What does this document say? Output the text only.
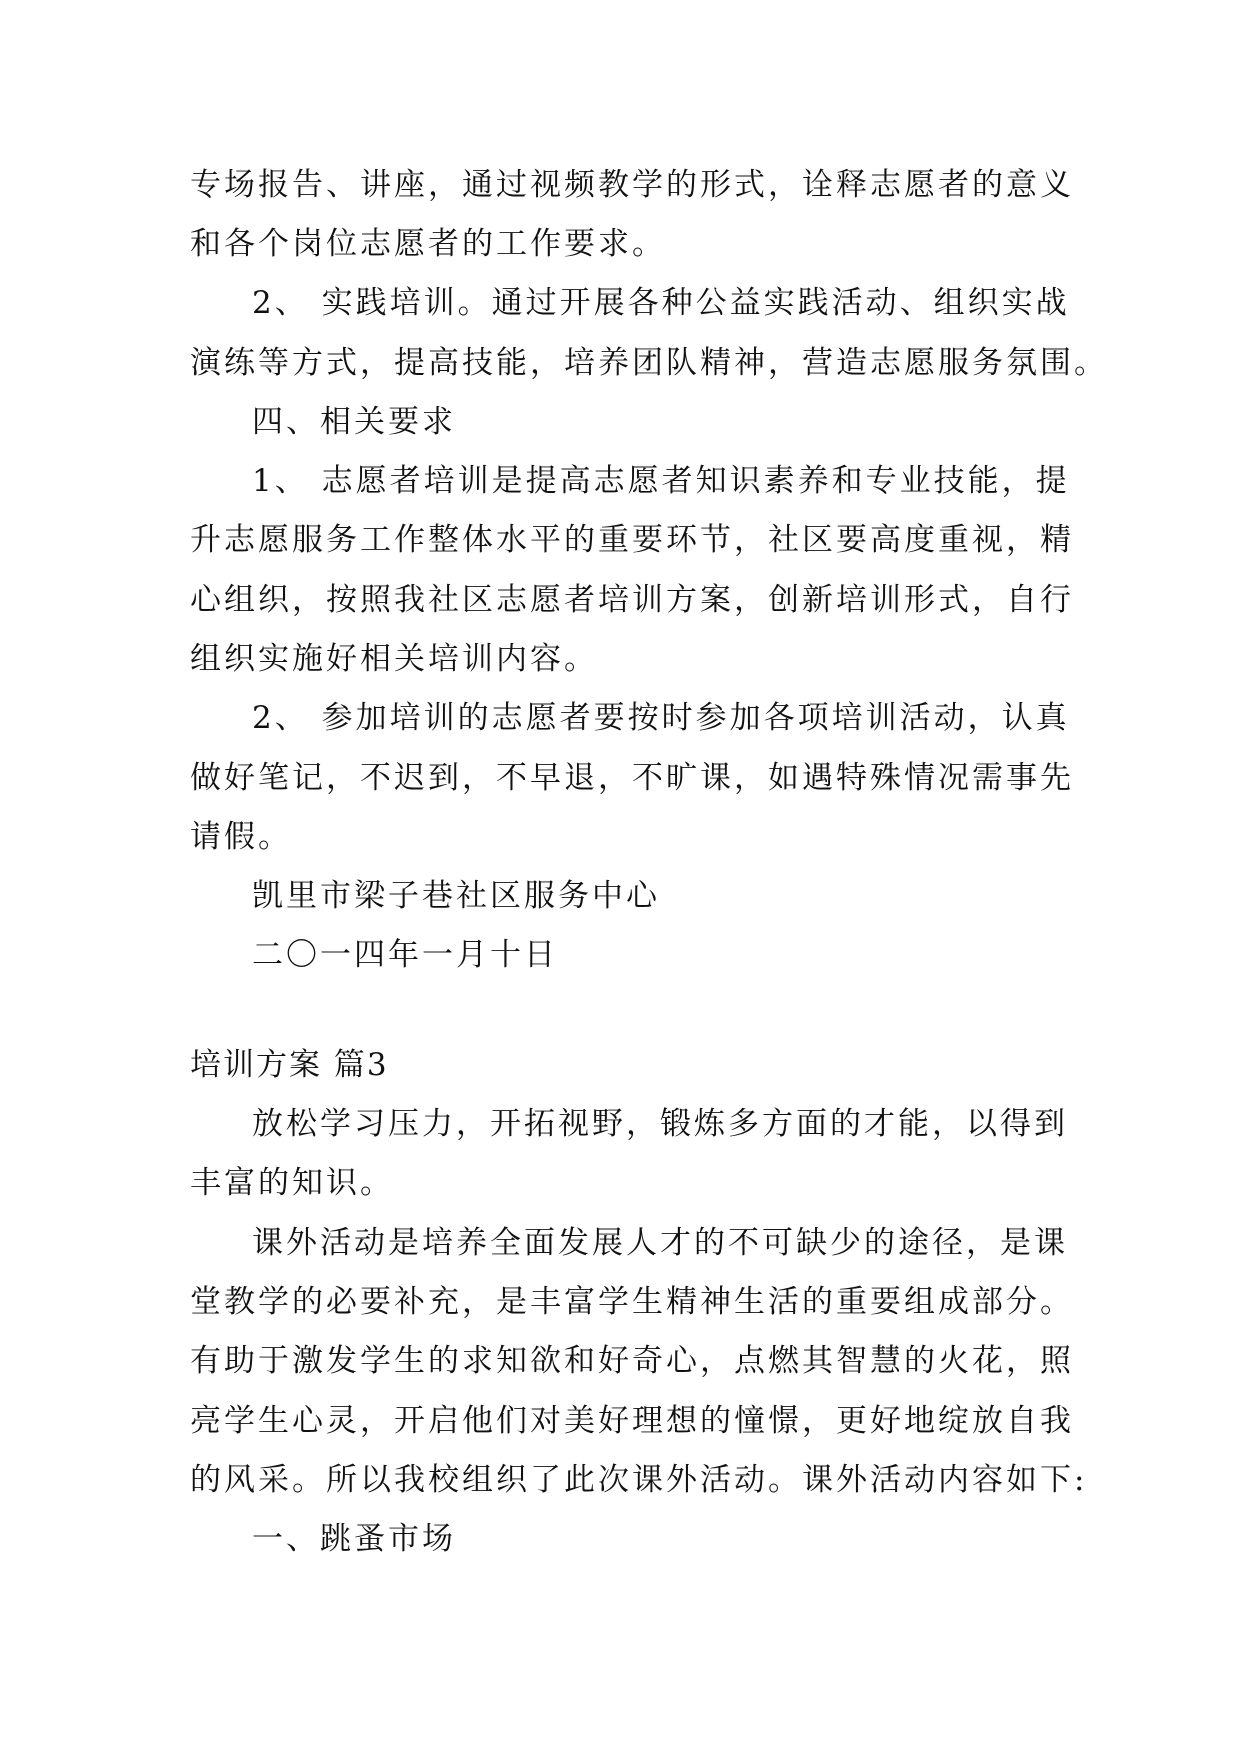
专场报告、讲座，通过视频教学的形式，诠释志愿者的意义
和各个岗位志愿者的工作要求。
2、 实践培训。通过开展各种公益实践活动、组织实战
演练等方式，提高技能，培养团队精神，营造志愿服务氛围。
四、相关要求
1、 志愿者培训是提高志愿者知识素养和专业技能，提
升志愿服务工作整体水平的重要环节，社区要高度重视，精
心组织，按照我社区志愿者培训方案，创新培训形式，自行
组织实施好相关培训内容。
2、 参加培训的志愿者要按时参加各项培训活动，认真
做好笔记，不迟到，不早退，不旷课，如遇特殊情况需事先
请假。
凯里市梁子巷社区服务中心
二〇一四年一月十日
培训方案 篇3
放松学习压力，开拓视野，锻炼多方面的才能，以得到
丰富的知识。
课外活动是培养全面发展人才的不可缺少的途径，是课
堂教学的必要补充，是丰富学生精神生活的重要组成部分。
有助于激发学生的求知欲和好奇心，点燃其智慧的火花，照
亮学生心灵，开启他们对美好理想的憧憬，更好地绽放自我
的风采。所以我校组织了此次课外活动。课外活动内容如下:
一、跳蚤市场
